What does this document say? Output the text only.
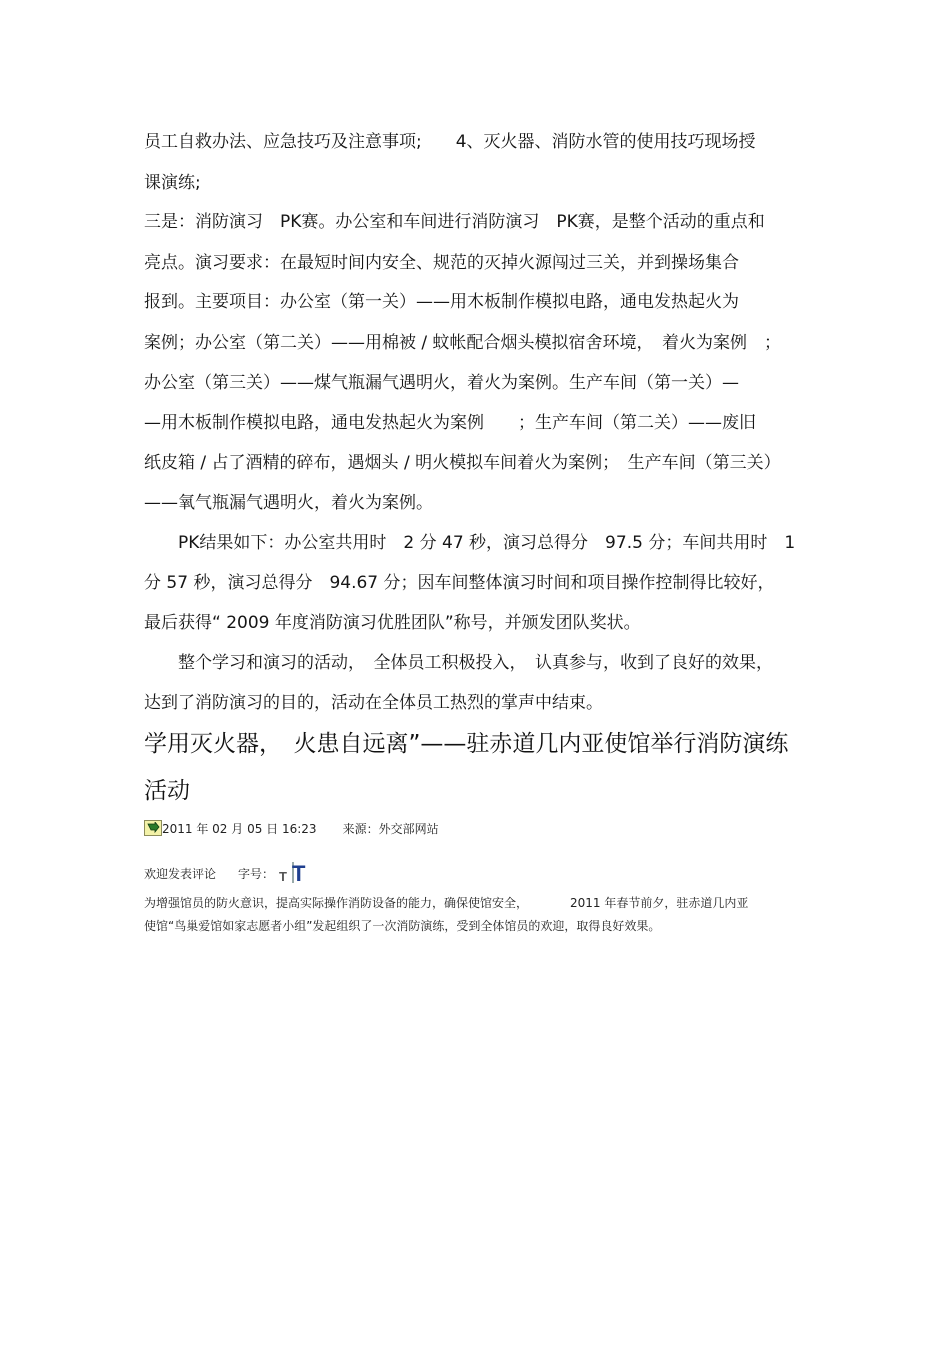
员工自救办法、应急技巧及注意事项;　　4、灭火器、消防水管的使用技巧现场授
课演练;
三是：消防演习　PK赛。办公室和车间进行消防演习　PK赛，是整个活动的重点和
亮点。演习要求：在最短时间内安全、规范的灭掉火源闯过三关，并到操场集合
报到。主要项目：办公室（第一关）——用木板制作模拟电路，通电发热起火为
案例；办公室（第二关）——用棉被 / 蚊帐配合烟头模拟宿舍环境，　着火为案例　；
办公室（第三关）——煤气瓶漏气遇明火，着火为案例。生产车间（第一关）—
—用木板制作模拟电路，通电发热起火为案例　　；生产车间（第二关）——废旧
纸皮箱 / 占了酒精的碎布，遇烟头 / 明火模拟车间着火为案例；　生产车间（第三关）
——氧气瓶漏气遇明火，着火为案例。
　　PK结果如下：办公室共用时　2 分 47 秒，演习总得分　97.5 分；车间共用时　1
分 57 秒，演习总得分　94.67 分；因车间整体演习时间和项目操作控制得比较好，
最后获得“ 2009 年度消防演习优胜团队”称号，并颁发团队奖状。
　　整个学习和演习的活动，　全体员工积极投入，　认真参与，收到了良好的效果，
达到了消防演习的目的，活动在全体员工热烈的掌声中结束。
学用灭火器，　火患自远离”——驻赤道几内亚使馆举行消防演练
活动
2011 年 02 月 05 日 16:23　来源：外交部网站
欢迎发表评论 字号： T T
为增强馆员的防火意识，提高实际操作消防设备的能力，确保使馆安全，　　　　2011 年春节前夕，驻赤道几内亚
使馆“鸟巢爱馆如家志愿者小组”发起组织了一次消防演练，受到全体馆员的欢迎，取得良好效果。
